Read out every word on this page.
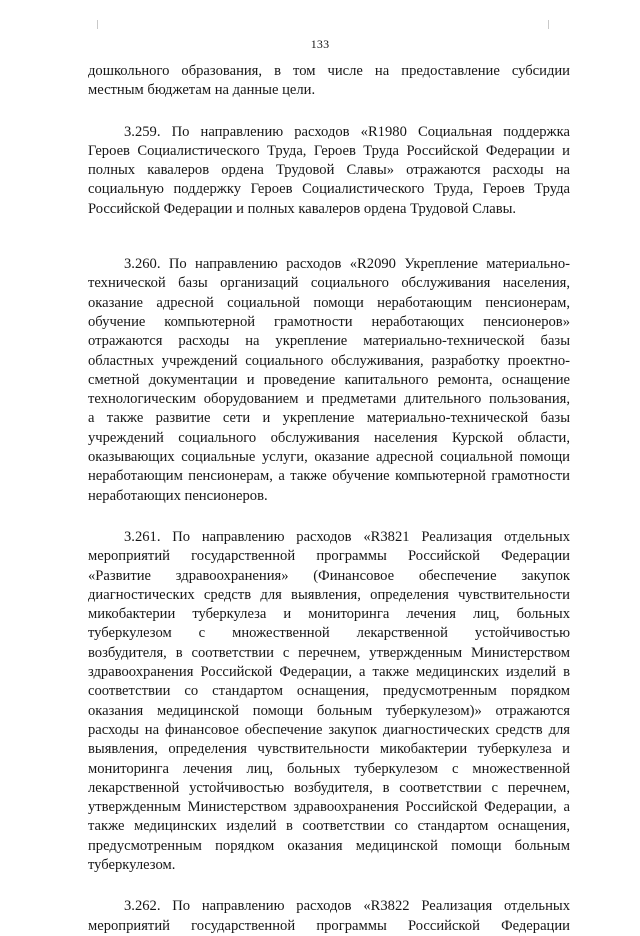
133
дошкольного образования, в том числе на предоставление субсидии
местным бюджетам на данные цели.
3.259. По направлению расходов «R1980 Социальная поддержка
Героев Социалистического Труда, Героев Труда Российской Федерации и
полных кавалеров ордена Трудовой Славы» отражаются расходы на
социальную поддержку Героев Социалистического Труда, Героев Труда
Российской Федерации и полных кавалеров ордена Трудовой Славы.
3.260. По направлению расходов «R2090 Укрепление материально-
технической базы организаций социального обслуживания населения,
оказание адресной социальной помощи неработающим пенсионерам,
обучение компьютерной грамотности неработающих пенсионеров»
отражаются расходы на укрепление материально-технической базы
областных учреждений социального обслуживания, разработку проектно-
сметной документации и проведение капитального ремонта, оснащение
технологическим оборудованием и предметами длительного пользования,
а также развитие сети и укрепление материально-технической базы
учреждений социального обслуживания населения Курской области,
оказывающих социальные услуги, оказание адресной социальной помощи
неработающим пенсионерам, а также обучение компьютерной грамотности
неработающих пенсионеров.
3.261. По направлению расходов «R3821 Реализация отдельных
мероприятий государственной программы Российской Федерации
«Развитие здравоохранения» (Финансовое обеспечение закупок
диагностических средств для выявления, определения чувствительности
микобактерии туберкулеза и мониторинга лечения лиц, больных
туберкулезом с множественной лекарственной устойчивостью
возбудителя, в соответствии с перечнем, утвержденным Министерством
здравоохранения Российской Федерации, а также медицинских изделий в
соответствии со стандартом оснащения, предусмотренным порядком
оказания медицинской помощи больным туберкулезом)» отражаются
расходы на финансовое обеспечение закупок диагностических средств для
выявления, определения чувствительности микобактерии туберкулеза и
мониторинга лечения лиц, больных туберкулезом с множественной
лекарственной устойчивостью возбудителя, в соответствии с перечнем,
утвержденным Министерством здравоохранения Российской Федерации, а
также медицинских изделий в соответствии со стандартом оснащения,
предусмотренным порядком оказания медицинской помощи больным
туберкулезом.
3.262. По направлению расходов «R3822 Реализация отдельных
мероприятий государственной программы Российской Федерации
